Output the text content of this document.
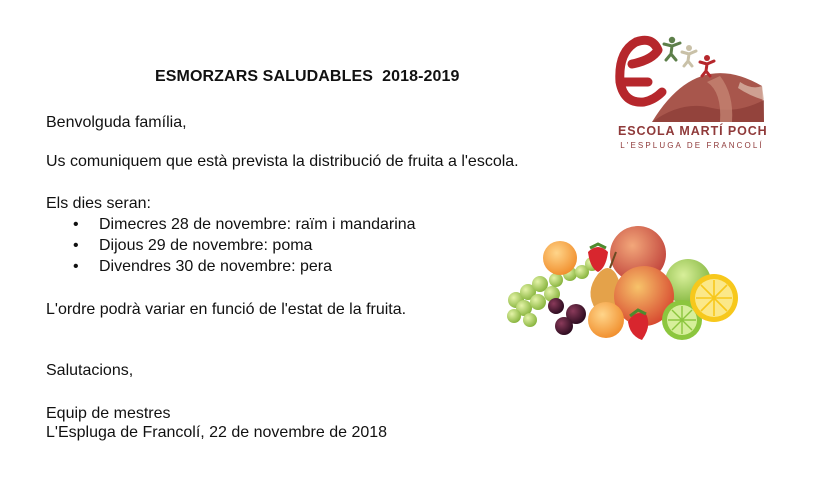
ESMORZARS SALUDABLES  2018-2019
Benvolguda família,
Us comuniquem que està prevista la distribució de fruita a l'escola.
Els dies seran:
• Dimecres 28 de novembre: raïm i mandarina
• Dijous 29 de novembre: poma
• Divendres 30 de novembre: pera
L'ordre podrà variar en funció de l'estat de la fruita.
Salutacions,
Equip de mestres
L'Espluga de Francolí, 22 de novembre de 2018
ESCOLA MARTÍ POCH
L'ESPLUGA DE FRANCOLÍ
